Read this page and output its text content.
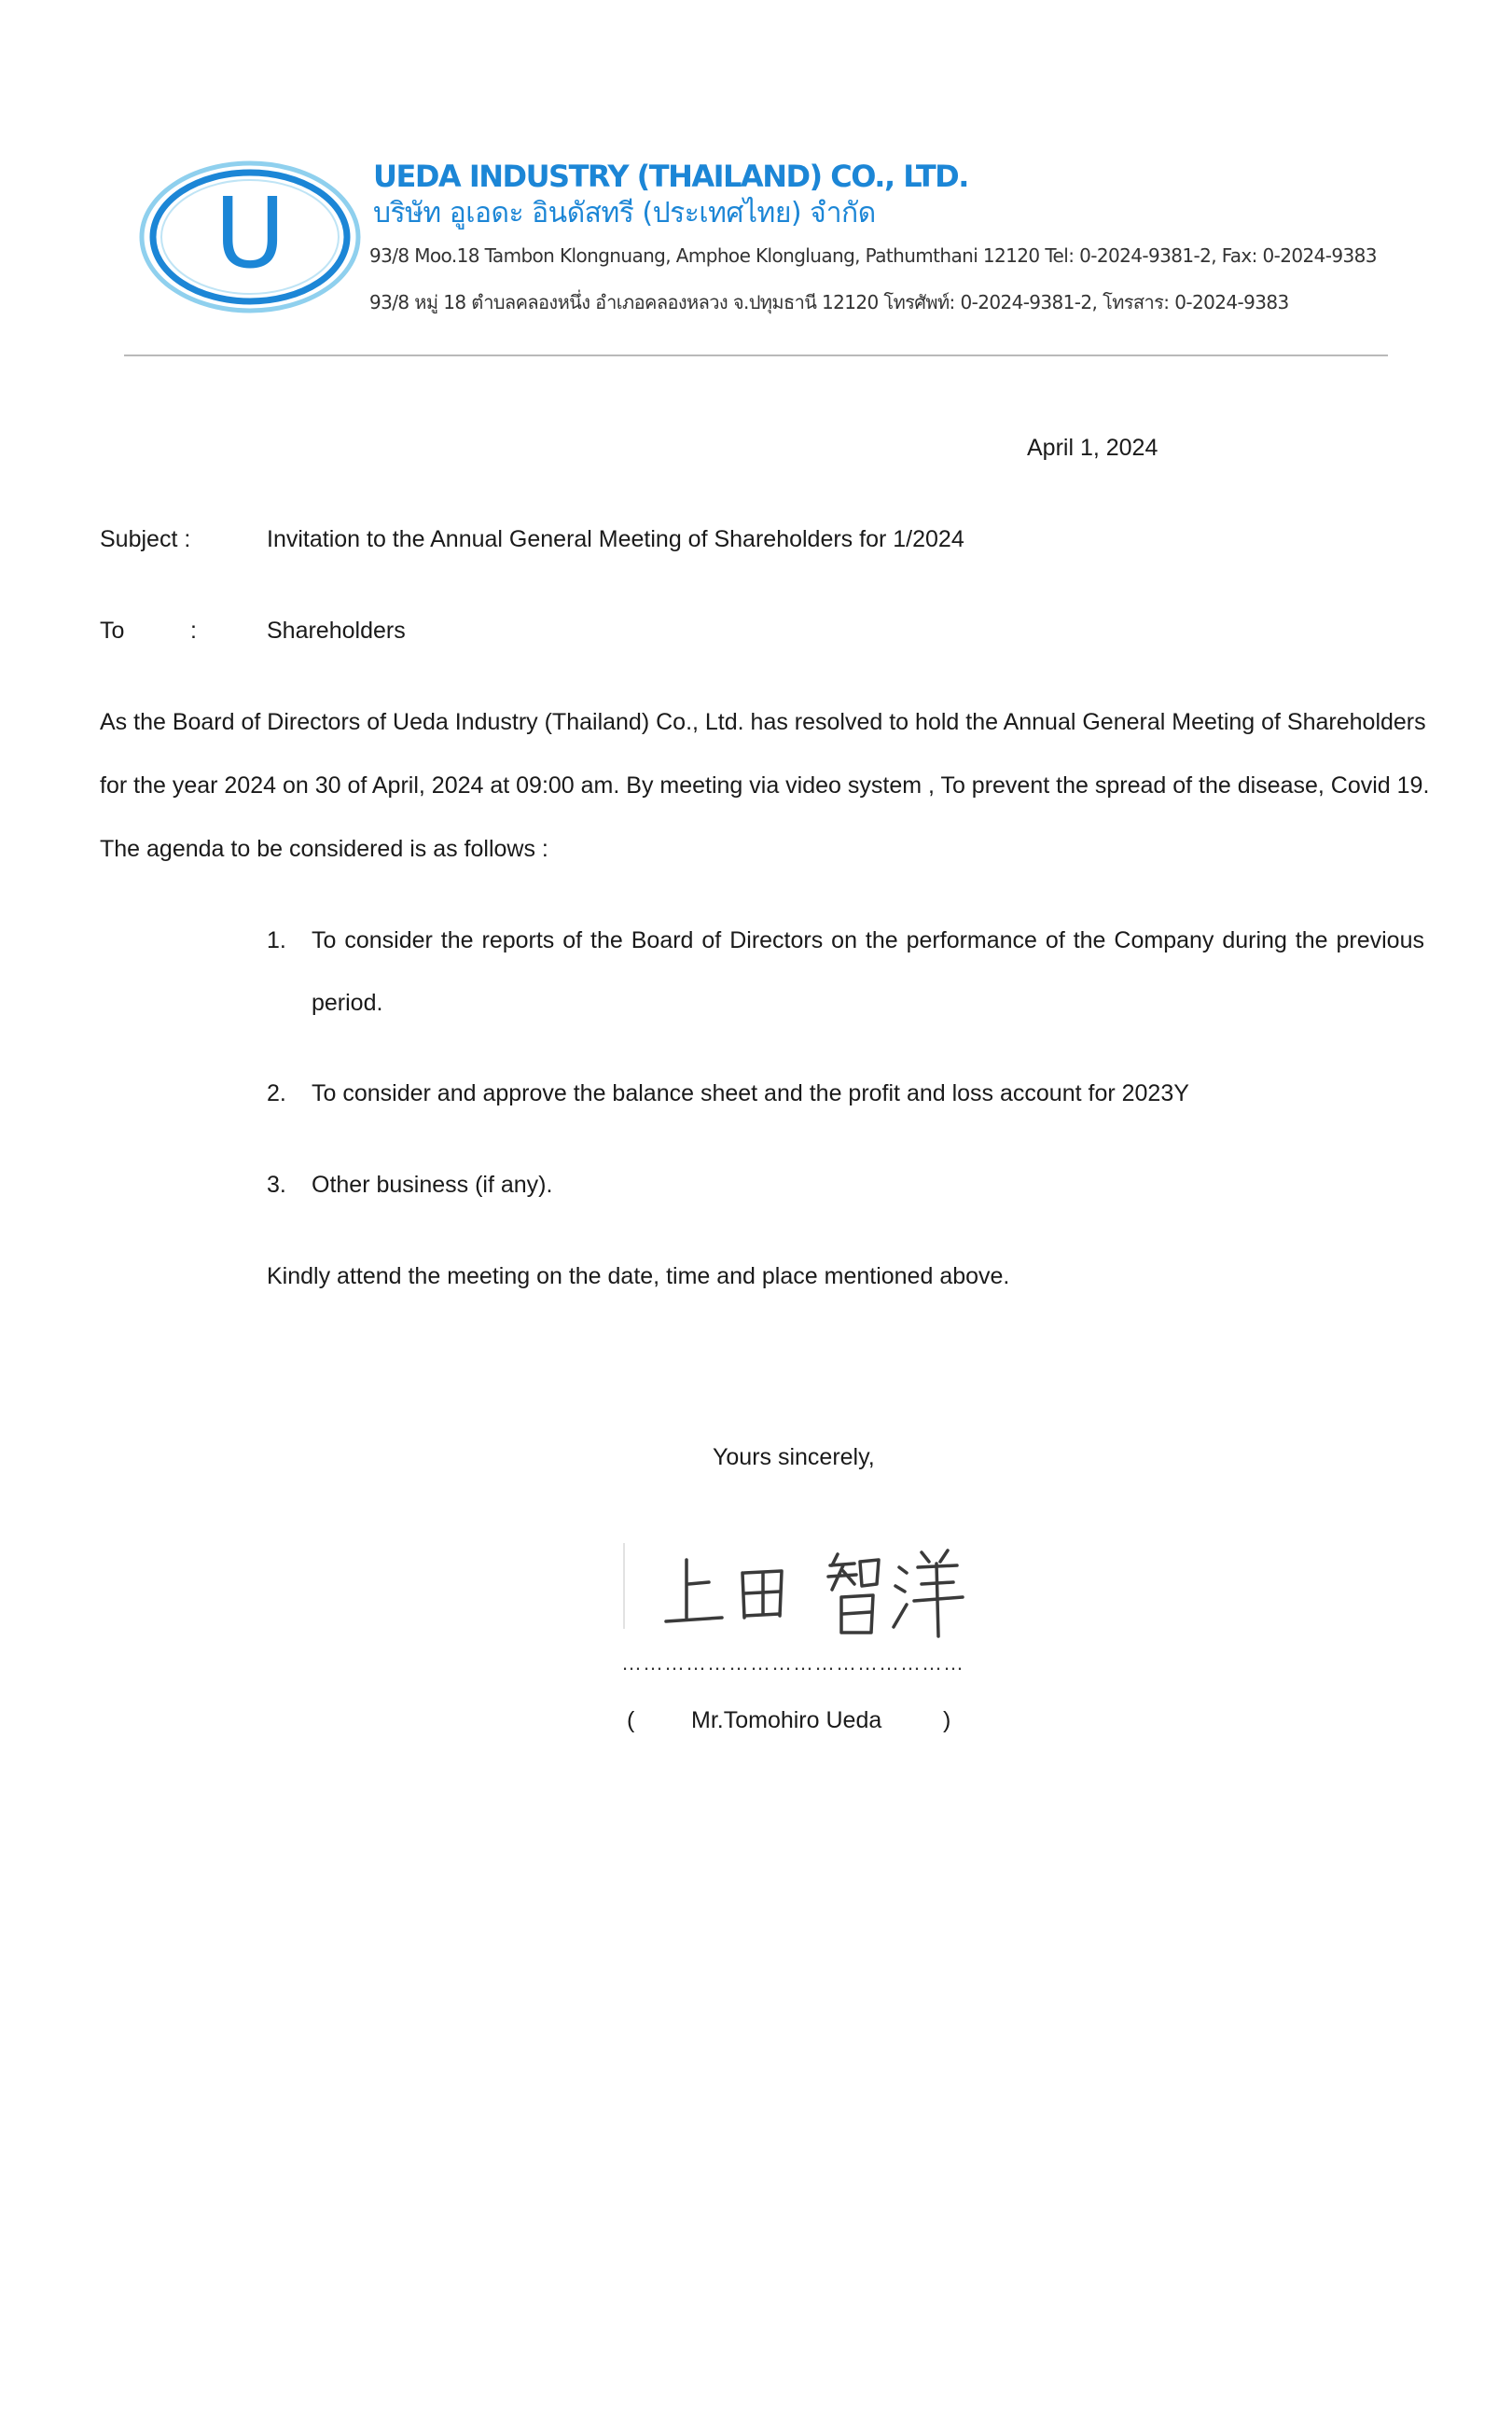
U	UEDA INDUSTRY (THAILAND) CO., LTD.
บริษัท อูเอดะ อินดัสทรี (ประเทศไทย) จำกัด
93/8 Moo.18 Tambon Klongnuang, Amphoe Klongluang, Pathumthani 12120 Tel: 0-2024-9381-2, Fax: 0-2024-9383
93/8 หมู่ 18 ตำบลคลองหนึ่ง อำเภอคลองหลวง จ.ปทุมธานี 12120 โทรศัพท์: 0-2024-9381-2, โทรสาร: 0-2024-9383
April 1, 2024
Subject :	Invitation to the Annual General Meeting of Shareholders for 1/2024
To	:	Shareholders
As the Board of Directors of Ueda Industry (Thailand) Co., Ltd. has resolved to hold the Annual General Meeting of Shareholders
for the year 2024 on 30 of April, 2024 at 09:00 am. By meeting via video system , To prevent the spread of the disease, Covid 19.
The agenda to be considered is as follows :
1. To consider the reports of the Board of Directors on the performance of the Company during the previous
period.
2. To consider and approve the balance sheet and the profit and loss account for 2023Y
3. Other business (if any).
Kindly attend the meeting on the date, time and place mentioned above.
Yours sincerely,
…………………………………………
( Mr.Tomohiro Ueda	)
